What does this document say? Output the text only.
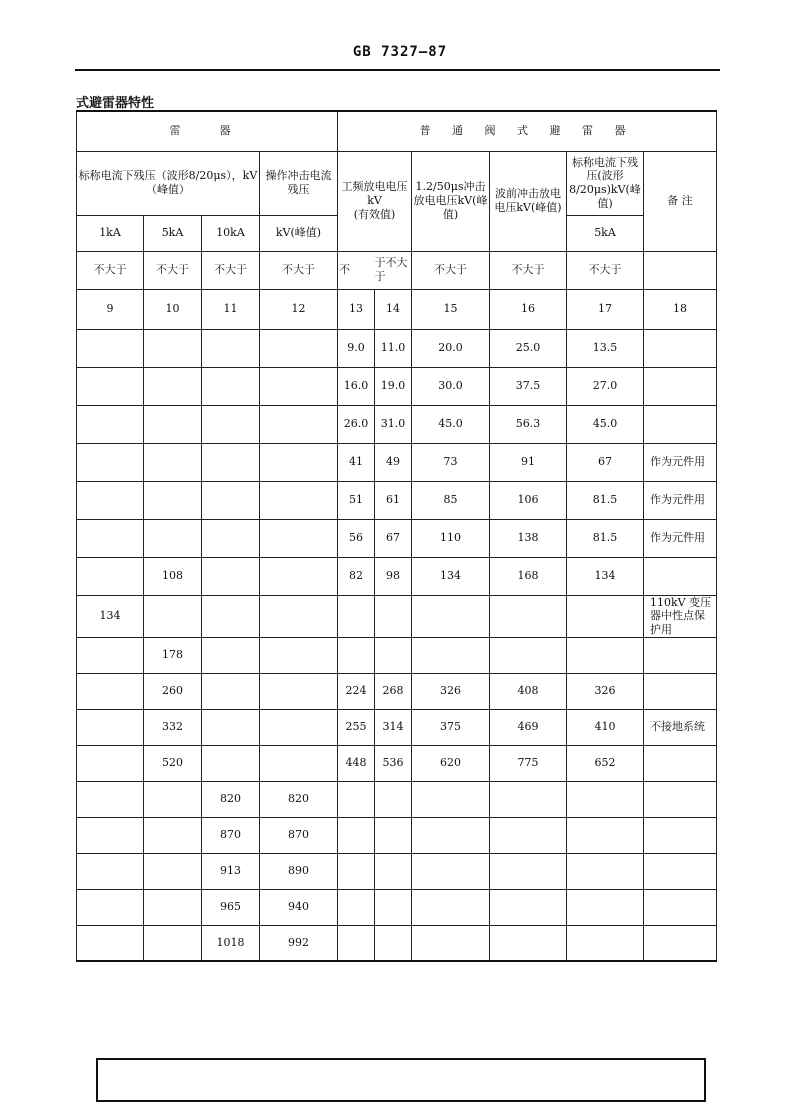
GB 7327—87
式避雷器特性
雷　器				普 通 阀 式 避 雷 器					
标称电流下残压（波形8/20μs），kV（峰值）			操作冲击电流残压	工频放电电压kV
(有效值)		1.2/50μs冲击放电电压kV(峰值)	波前冲击放电电压kV(峰值)	标称电流下残压(波形8/20μs)kV(峰值)	备 注
1kA	5kA	10kA	kV(峰值)					5kA	
不大于	不大于	不大于	不大于	不	于不大于	不大于	不大于	不大于	
9	10	11	12	13	14	15	16	17	18
				9.0	11.0	20.0	25.0	13.5	
				16.0	19.0	30.0	37.5	27.0	
				26.0	31.0	45.0	56.3	45.0	
				41	49	73	91	67	作为元件用
				51	61	85	106	81.5	作为元件用
				56	67	110	138	81.5	作为元件用
	108			82	98	134	168	134	
134									110kV 变压器中性点保护用
	178								
	260			224	268	326	408	326	
	332			255	314	375	469	410	不接地系统
	520			448	536	620	775	652	
		820	820						
		870	870						
		913	890						
		965	940						
		1018	992						
